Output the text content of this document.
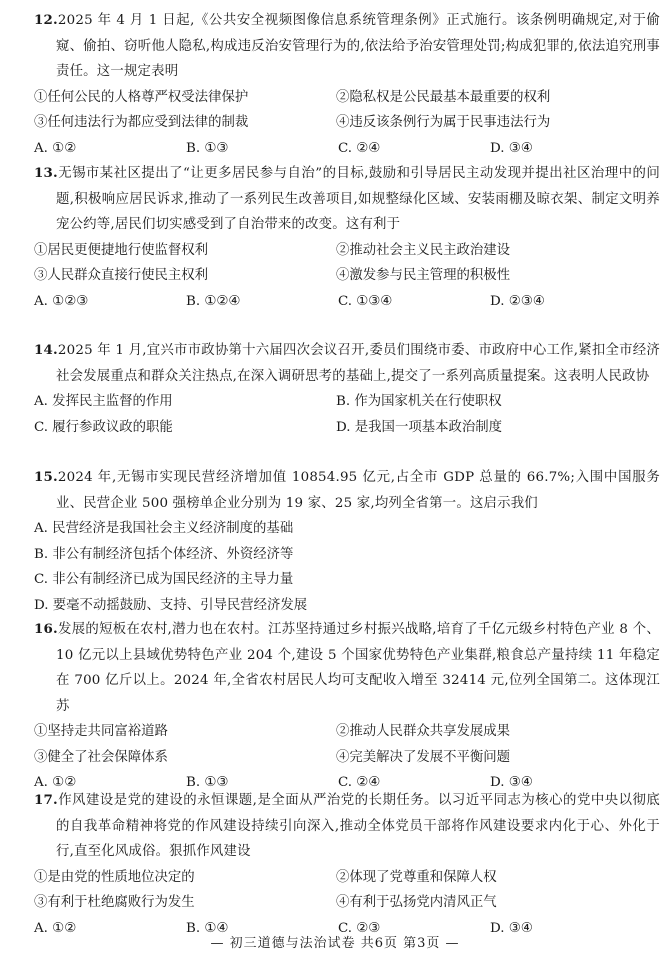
12.2025 年 4 月 1 日起,《公共安全视频图像信息系统管理条例》正式施行。该条例明确规定,对于偷窥、偷拍、窃听他人隐私,构成违反治安管理行为的,依法给予治安管理处罚;构成犯罪的,依法追究刑事责任。这一规定表明

①任何公民的人格尊严权受法律保护	②隐私权是公民最基本最重要的权利
③任何违法行为都应受到法律的制裁	④违反该条例行为属于民事违法行为
A. ①②	B. ①③	C. ②④	D. ③④

13.无锡市某社区提出了“让更多居民参与自治”的目标,鼓励和引导居民主动发现并提出社区治理中的问题,积极响应居民诉求,推动了一系列民生改善项目,如规整绿化区域、安装雨棚及晾衣架、制定文明养宠公约等,居民们切实感受到了自治带来的改变。这有利于

①居民更便捷地行使监督权利	②推动社会主义民主政治建设
③人民群众直接行使民主权利	④激发参与民主管理的积极性
A. ①②③	B. ①②④	C. ①③④	D. ②③④

14.2025 年 1 月,宜兴市市政协第十六届四次会议召开,委员们围绕市委、市政府中心工作,紧扣全市经济社会发展重点和群众关注热点,在深入调研思考的基础上,提交了一系列高质量提案。这表明人民政协

A. 发挥民主监督的作用	B. 作为国家机关在行使职权
C. 履行参政议政的职能	D. 是我国一项基本政治制度

15.2024 年,无锡市实现民营经济增加值 10854.95 亿元,占全市 GDP 总量的 66.7%;入围中国服务业、民营企业 500 强榜单企业分别为 19 家、25 家,均列全省第一。这启示我们

A. 民营经济是我国社会主义经济制度的基础
B. 非公有制经济包括个体经济、外资经济等
C. 非公有制经济已成为国民经济的主导力量
D. 要毫不动摇鼓励、支持、引导民营经济发展

16.发展的短板在农村,潜力也在农村。江苏坚持通过乡村振兴战略,培育了千亿元级乡村特色产业 8 个、10 亿元以上县域优势特色产业 204 个,建设 5 个国家优势特色产业集群,粮食总产量持续 11 年稳定在 700 亿斤以上。2024 年,全省农村居民人均可支配收入增至 32414 元,位列全国第二。这体现江苏

①坚持走共同富裕道路	②推动人民群众共享发展成果
③健全了社会保障体系	④完美解决了发展不平衡问题
A. ①②	B. ①③	C. ②④	D. ③④

17.作风建设是党的建设的永恒课题,是全面从严治党的长期任务。以习近平同志为核心的党中央以彻底的自我革命精神将党的作风建设持续引向深入,推动全体党员干部将作风建设要求内化于心、外化于行,直至化风成俗。狠抓作风建设

①是由党的性质地位决定的	②体现了党尊重和保障人权
③有利于杜绝腐败行为发生	④有利于弘扬党内清风正气
A. ①②	B. ①④	C. ②③	D. ③④
— 初三道德与法治试卷 共6页 第3页 —
